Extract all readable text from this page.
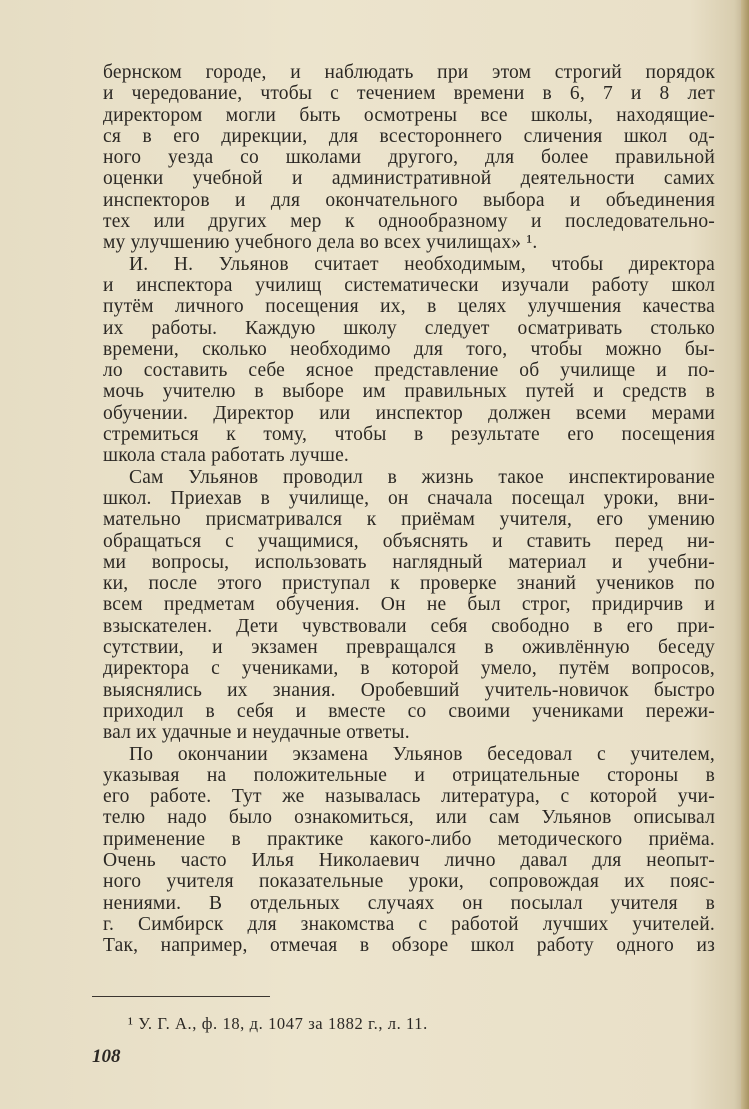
бернском городе, и наблюдать при этом строгий порядок
и чередование, чтобы с течением времени в 6, 7 и 8 лет
директором могли быть осмотрены все школы, находящие-
ся в его дирекции, для всестороннего сличения школ од-
ного уезда со школами другого, для более правильной
оценки учебной и административной деятельности самих
инспекторов и для окончательного выбора и объединения
тех или других мер к однообразному и последовательно-
му улучшению учебного дела во всех училищах» ¹.
И. Н. Ульянов считает необходимым, чтобы директора
и инспектора училищ систематически изучали работу школ
путём личного посещения их, в целях улучшения качества
их работы. Каждую школу следует осматривать столько
времени, сколько необходимо для того, чтобы можно бы-
ло составить себе ясное представление об училище и по-
мочь учителю в выборе им правильных путей и средств в
обучении. Директор или инспектор должен всеми мерами
стремиться к тому, чтобы в результате его посещения
школа стала работать лучше.
Сам Ульянов проводил в жизнь такое инспектирование
школ. Приехав в училище, он сначала посещал уроки, вни-
мательно присматривался к приёмам учителя, его умению
обращаться с учащимися, объяснять и ставить перед ни-
ми вопросы, использовать наглядный материал и учебни-
ки, после этого приступал к проверке знаний учеников по
всем предметам обучения. Он не был строг, придирчив и
взыскателен. Дети чувствовали себя свободно в его при-
сутствии, и экзамен превращался в оживлённую беседу
директора с учениками, в которой умело, путём вопросов,
выяснялись их знания. Оробевший учитель-новичок быстро
приходил в себя и вместе со своими учениками пережи-
вал их удачные и неудачные ответы.
По окончании экзамена Ульянов беседовал с учителем,
указывая на положительные и отрицательные стороны в
его работе. Тут же называлась литература, с которой учи-
телю надо было ознакомиться, или сам Ульянов описывал
применение в практике какого-либо методического приёма.
Очень часто Илья Николаевич лично давал для неопыт-
ного учителя показательные уроки, сопровождая их пояс-
нениями. В отдельных случаях он посылал учителя в
г. Симбирск для знакомства с работой лучших учителей.
Так, например, отмечая в обзоре школ работу одного из
¹ У. Г. А., ф. 18, д. 1047 за 1882 г., л. 11.
108
